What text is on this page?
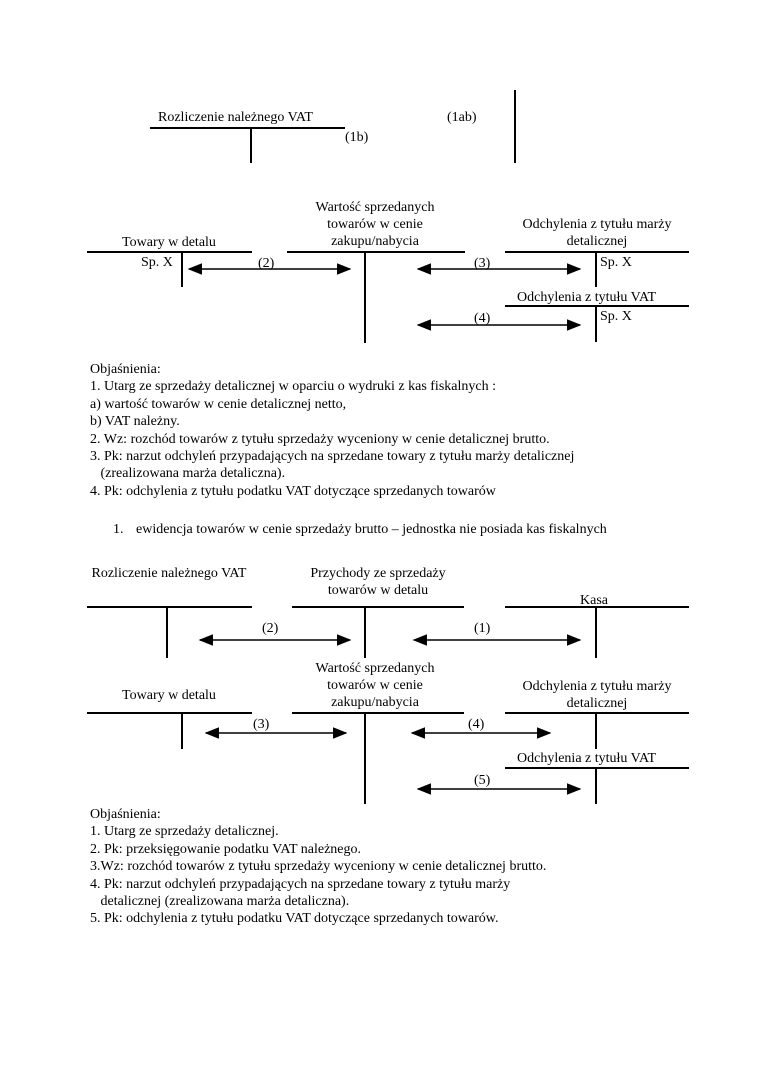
Rozliczenie należnego VAT
(1b)
(1ab)
Towary w detalu
Wartość sprzedanych towarów w cenie zakupu/nabycia
Odchylenia z tytułu marży detalicznej
Sp. X	Sp. X
Odchylenia z tytułu VAT
Sp. X
(2)	(3)
(4)
Objaśnienia:
1. Utarg ze sprzedaży detalicznej w oparciu o wydruki z kas fiskalnych :
a) wartość towarów w cenie detalicznej netto,
b) VAT należny.
2. Wz: rozchód towarów z tytułu sprzedaży wyceniony w cenie detalicznej brutto.
3. Pk: narzut odchyleń przypadających na sprzedane towary z tytułu marży detalicznej
(zrealizowana marża detaliczna).
4. Pk: odchylenia z tytułu podatku VAT dotyczące sprzedanych towarów
1. ewidencja towarów w cenie sprzedaży brutto – jednostka nie posiada kas fiskalnych
Rozliczenie należnego VAT	Przychody ze sprzedaży towarów w detalu
Kasa
(2)	(1)
Towary w detalu
Wartość sprzedanych towarów w cenie zakupu/nabycia
Odchylenia z tytułu marży detalicznej
(3)	(4)
Odchylenia z tytułu VAT
(5)
Objaśnienia:
1. Utarg ze sprzedaży detalicznej.
2. Pk: przeksięgowanie podatku VAT należnego.
3.Wz: rozchód towarów z tytułu sprzedaży wyceniony w cenie detalicznej brutto.
4. Pk: narzut odchyleń przypadających na sprzedane towary z tytułu marży
detalicznej (zrealizowana marża detaliczna).
5. Pk: odchylenia z tytułu podatku VAT dotyczące sprzedanych towarów.
